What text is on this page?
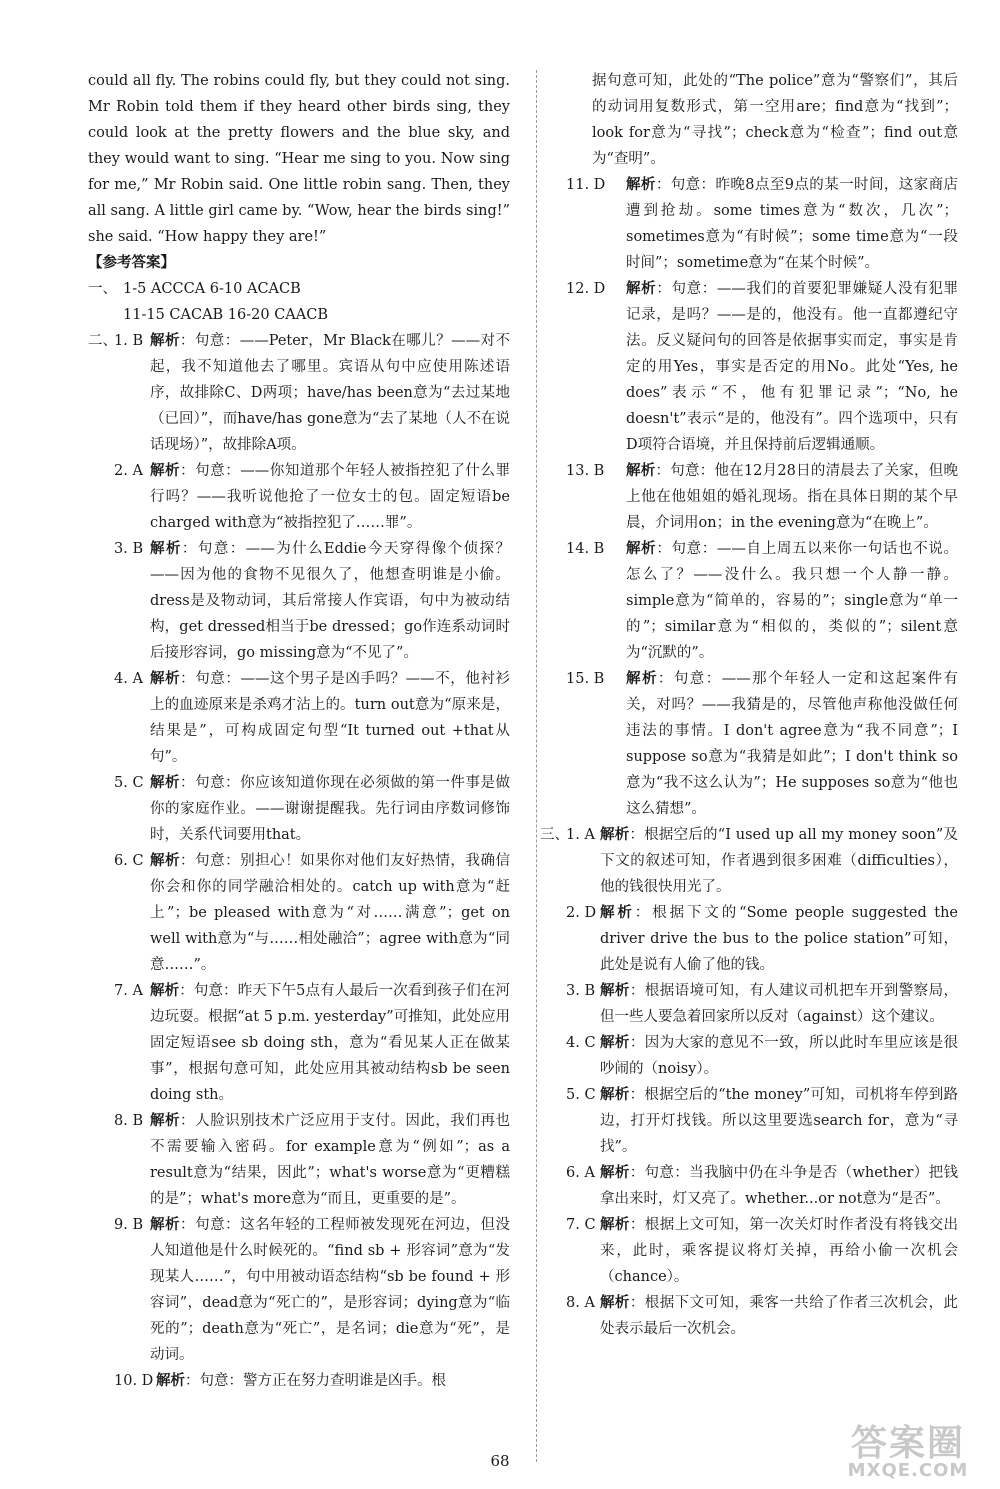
could all fly. The robins could fly, but they could not sing. Mr Robin told them if they heard other birds sing, they could look at the pretty flowers and the blue sky, and they would want to sing. “Hear me sing to you. Now sing for me,” Mr Robin said. One little robin sang. Then, they all sang. A little girl came by. “Wow, hear the birds sing!” she said. “How happy they are!”

【参考答案】
一、 1-5 ACCCA 6-10 ACACB
11-15 CACAB 16-20 CAACB
二、
1. B 解析：句意：——Peter，Mr Black在哪儿？——对不起，我不知道他去了哪里。宾语从句中应使用陈述语序，故排除C、D两项；have/has been意为“去过某地（已回）”，而have/has gone意为“去了某地（人不在说话现场）”，故排除A项。
2. A 解析：句意：——你知道那个年轻人被指控犯了什么罪行吗？——我听说他抢了一位女士的包。固定短语be charged with意为“被指控犯了……罪”。
3. B 解析：句意：——为什么Eddie今天穿得像个侦探？——因为他的食物不见很久了，他想查明谁是小偷。dress是及物动词，其后常接人作宾语，句中为被动结构，get dressed相当于be dressed；go作连系动词时后接形容词，go missing意为“不见了”。
4. A 解析：句意：——这个男子是凶手吗？——不，他衬衫上的血迹原来是杀鸡才沾上的。turn out意为“原来是，结果是”，可构成固定句型“It turned out +that从句”。
5. C 解析：句意：你应该知道你现在必须做的第一件事是做你的家庭作业。——谢谢提醒我。先行词由序数词修饰时，关系代词要用that。
6. C 解析：句意：别担心！如果你对他们友好热情，我确信你会和你的同学融洽相处的。catch up with意为“赶上”；be pleased with意为“对……满意”；get on well with意为“与……相处融洽”；agree with意为“同意……”。
7. A 解析：句意：昨天下午5点有人最后一次看到孩子们在河边玩耍。根据“at 5 p.m. yesterday”可推知，此处应用固定短语see sb doing sth，意为“看见某人正在做某事”，根据句意可知，此处应用其被动结构sb be seen doing sth。
8. B 解析：人脸识别技术广泛应用于支付。因此，我们再也不需要输入密码。for example意为“例如”；as a result意为“结果，因此”；what's worse意为“更糟糕的是”；what's more意为“而且，更重要的是”。
9. B 解析：句意：这名年轻的工程师被发现死在河边，但没人知道他是什么时候死的。“find sb + 形容词”意为“发现某人……”，句中用被动语态结构“sb be found + 形容词”，dead意为“死亡的”，是形容词；dying意为“临死的”；death意为“死亡”，是名词；die意为“死”，是动词。
10. D 解析：句意：警方正在努力查明谁是凶手。根
据句意可知，此处的“The police”意为“警察们”，其后的动词用复数形式，第一空用are；find意为“找到”；look for意为“寻找”；check意为“检查”；find out意为“查明”。
11. D	解析：句意：昨晚8点至9点的某一时间，这家商店遭到抢劫。some times意为“数次，几次”；sometimes意为“有时候”；some time意为“一段时间”；sometime意为“在某个时候”。
12. D	解析：句意：——我们的首要犯罪嫌疑人没有犯罪记录，是吗？——是的，他没有。他一直都遵纪守法。反义疑问句的回答是依据事实而定，事实是肯定的用Yes，事实是否定的用No。此处“Yes, he does”表示“不，他有犯罪记录”；“No, he doesn't”表示“是的，他没有”。四个选项中，只有D项符合语境，并且保持前后逻辑通顺。
13. B	解析：句意：他在12月28日的清晨去了关家，但晚上他在他姐姐的婚礼现场。指在具体日期的某个早晨，介词用on；in the evening意为“在晚上”。
14. B	解析：句意：——自上周五以来你一句话也不说。怎么了？——没什么。我只想一个人静一静。simple意为“简单的，容易的”；single意为“单一的”；similar意为“相似的，类似的”；silent意为“沉默的”。
15. B	解析：句意：——那个年轻人一定和这起案件有关，对吗？——我猜是的，尽管他声称他没做任何违法的事情。I don't agree意为“我不同意”；I suppose so意为“我猜是如此”；I don't think so意为“我不这么认为”；He supposes so意为“他也这么猜想”。
三、
1. A 解析：根据空后的“I used up all my money soon”及下文的叙述可知，作者遇到很多困难（difficulties），他的钱很快用光了。
2. D 解析：根据下文的“Some people suggested the driver drive the bus to the police station”可知，此处是说有人偷了他的钱。
3. B 解析：根据语境可知，有人建议司机把车开到警察局，但一些人要急着回家所以反对（against）这个建议。
4. C 解析：因为大家的意见不一致，所以此时车里应该是很吵闹的（noisy）。
5. C 解析：根据空后的“the money”可知，司机将车停到路边，打开灯找钱。所以这里要选search for，意为“寻找”。
6. A 解析：句意：当我脑中仍在斗争是否（whether）把钱拿出来时，灯又亮了。whether...or not意为“是否”。
7. C 解析：根据上文可知，第一次关灯时作者没有将钱交出来，此时，乘客提议将灯关掉，再给小偷一次机会（chance）。
8. A 解析：根据下文可知，乘客一共给了作者三次机会，此处表示最后一次机会。
68	答案圈
MXQE.COM
